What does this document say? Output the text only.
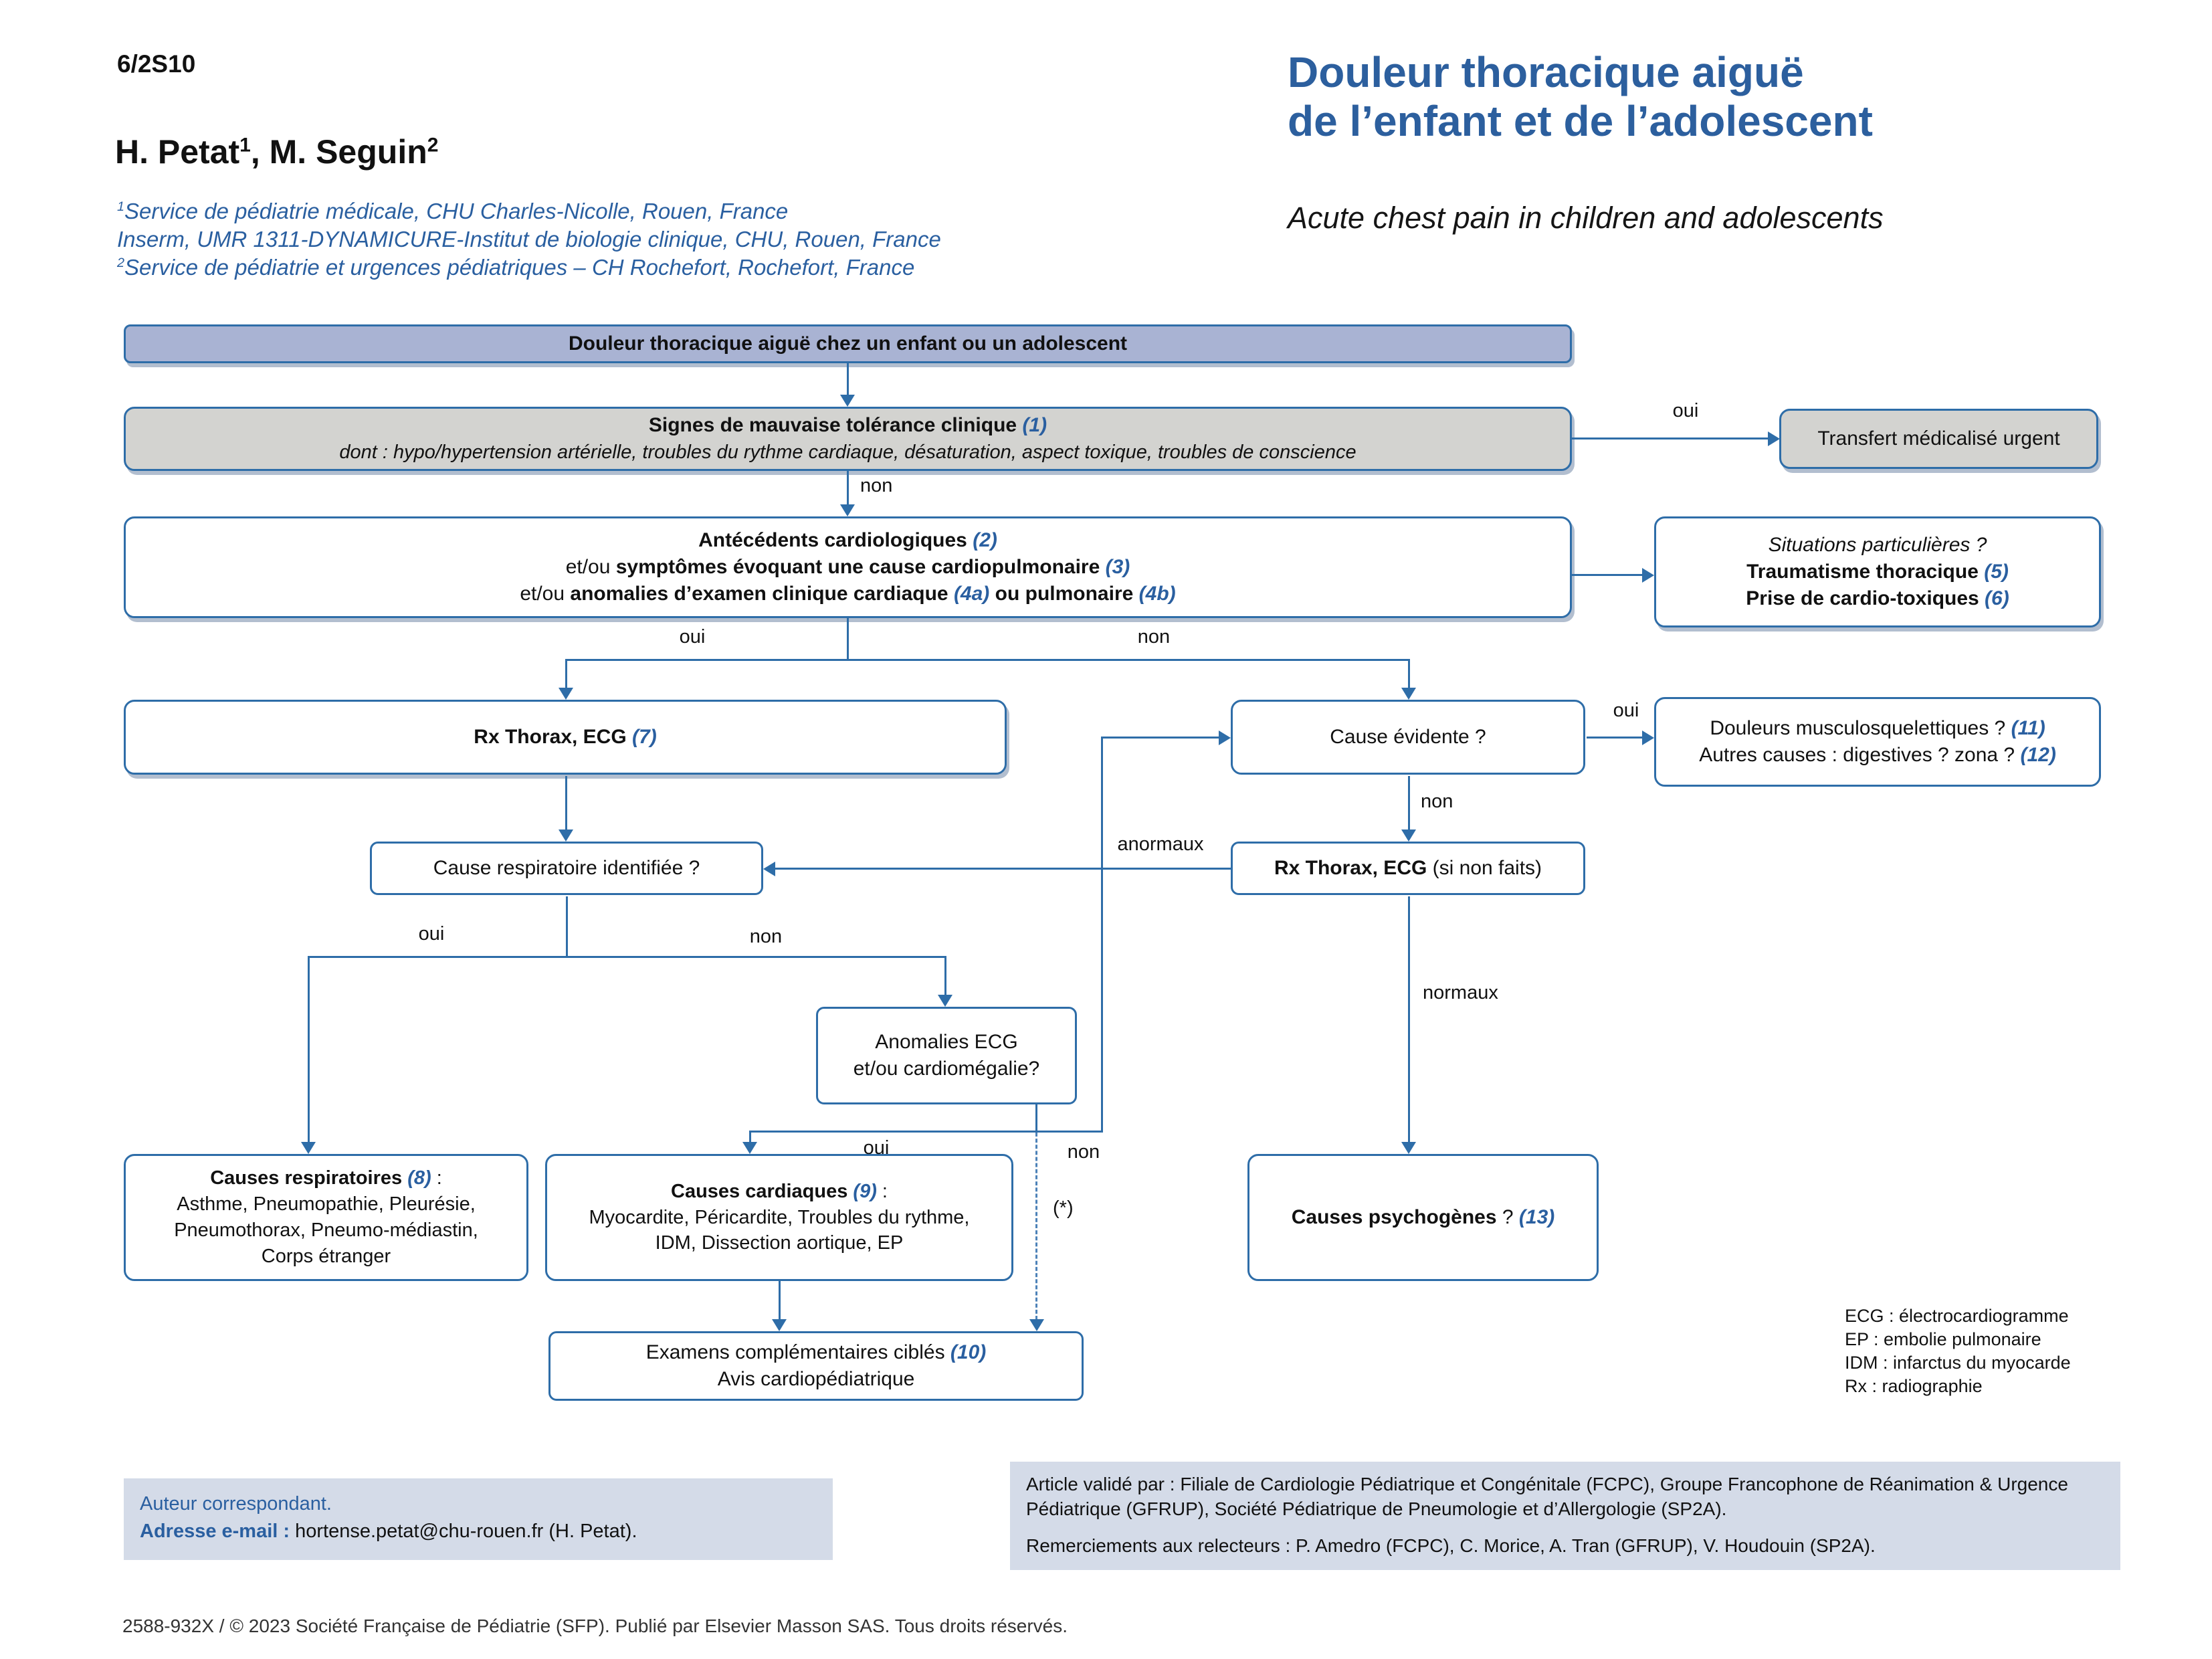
6/2S10
H. Petat$^1$, M. Seguin$^2$
$^1$Service de pédiatrie médicale, CHU Charles-Nicolle, Rouen, France
Inserm, UMR 1311-DYNAMICURE-Institut de biologie clinique, CHU, Rouen, France
$^2$Service de pédiatrie et urgences pédiatriques – CH Rochefort, Rochefort, France
Douleur thoracique aiguë
de l’enfant et de l’adolescent
Acute chest pain in children and adolescents
Douleur thoracique aiguë chez un enfant ou un adolescent
Signes de mauvaise tolérance clinique (1)
dont : hypo/hypertension artérielle, troubles du rythme cardiaque, désaturation, aspect toxique, troubles de conscience
Transfert médicalisé urgent
Antécédents cardiologiques (2)
et/ou symptômes évoquant une cause cardiopulmonaire (3)
et/ou anomalies d’examen clinique cardiaque (4a) ou pulmonaire (4b)
Situations particulières ?
Traumatisme thoracique (5)
Prise de cardio-toxiques (6)
Rx Thorax, ECG (7)	Cause évidente ?	Douleurs musculosquelettiques ? (11)
Autres causes : digestives ? zona ? (12)
Cause respiratoire identifiée ?	Rx Thorax, ECG (si non faits)
Anomalies ECG
et/ou cardiomégalie?
Causes respiratoires (8) :
Asthme, Pneumopathie, Pleurésie,
Pneumothorax, Pneumo-médiastin,
Corps étranger
Causes cardiaques (9) :
Myocardite, Péricardite, Troubles du rythme,
IDM, Dissection aortique, EP
Causes psychogènes ? (13)
Examens complémentaires ciblés (10)
Avis cardiopédiatrique
oui
non
oui	non
oui
non
anormaux
oui	non
oui	non
(*)
normaux
ECG : électrocardiogramme
EP : embolie pulmonaire
IDM : infarctus du myocarde
Rx : radiographie
Auteur correspondant.
Adresse e-mail : hortense.petat@chu-rouen.fr (H. Petat).
Article validé par : Filiale de Cardiologie Pédiatrique et Congénitale (FCPC), Groupe Francophone de Réanimation & Urgence Pédiatrique (GFRUP), Société Pédiatrique de Pneumologie et d’Allergologie (SP2A).
Remerciements aux relecteurs : P. Amedro (FCPC), C. Morice, A. Tran (GFRUP), V. Houdouin (SP2A).
2588-932X / © 2023 Société Française de Pédiatrie (SFP). Publié par Elsevier Masson SAS. Tous droits réservés.
